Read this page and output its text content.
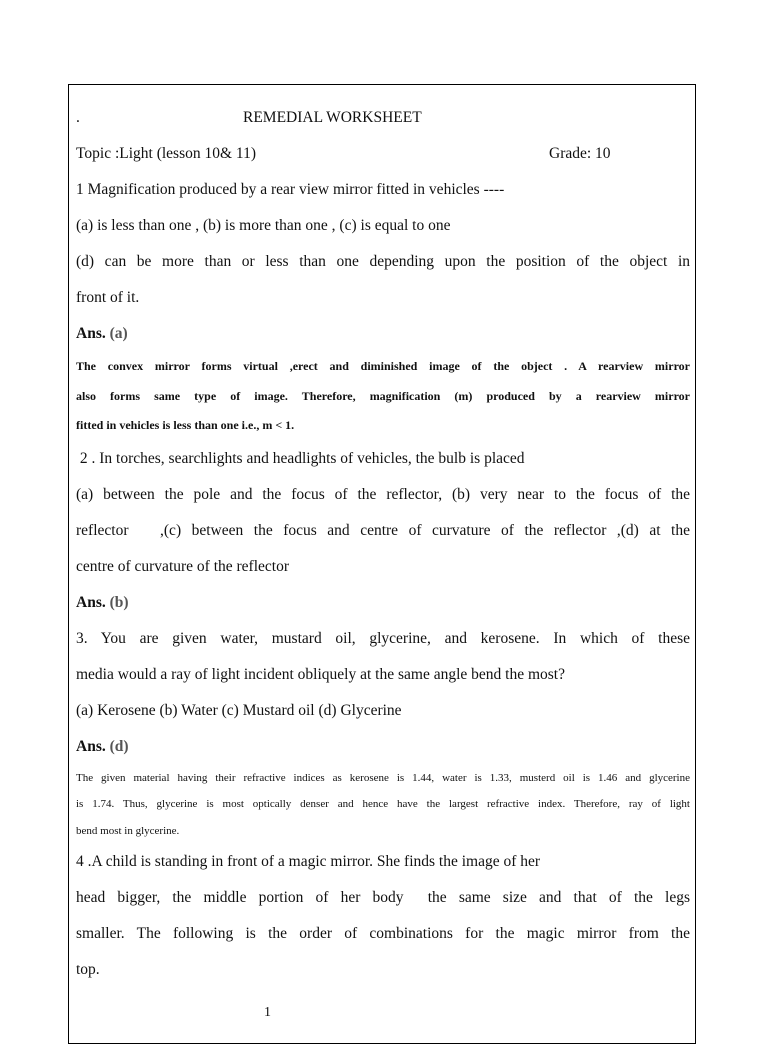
.	REMEDIAL WORKSHEET
Topic :Light (lesson 10& 11)	Grade: 10
1 Magnification produced by a rear view mirror fitted in vehicles ----
(a) is less than one , (b) is more than one , (c) is equal to one
(d) can be more than or less than one depending upon the position of the object in
front of it.
Ans. (a)
The convex mirror forms virtual ,erect and diminished image of the object . A rearview mirror
also forms same type of image. Therefore, magnification (m) produced by a rearview mirror
fitted in vehicles is less than one i.e., m < 1.
2 . In torches, searchlights and headlights of vehicles, the bulb is placed
(a) between the pole and the focus of the reflector, (b) very near to the focus of the
reflector   ,(c) between the focus and centre of curvature of the reflector ,(d) at the
centre of curvature of the reflector
Ans. (b)
3. You are given water, mustard oil, glycerine, and kerosene. In which of these
media would a ray of light incident obliquely at the same angle bend the most?
(a) Kerosene (b) Water (c) Mustard oil (d) Glycerine
Ans. (d)
The given material having their refractive indices as kerosene is 1.44, water is 1.33, musterd oil is 1.46 and glycerine
is 1.74. Thus, glycerine is most optically denser and hence have the largest refractive index. Therefore, ray of light
bend most in glycerine.
4 .A child is standing in front of a magic mirror. She finds the image of her
head bigger, the middle portion of her body  the same size and that of the legs
smaller. The following is the order of combinations for the magic mirror from the
top.
1
